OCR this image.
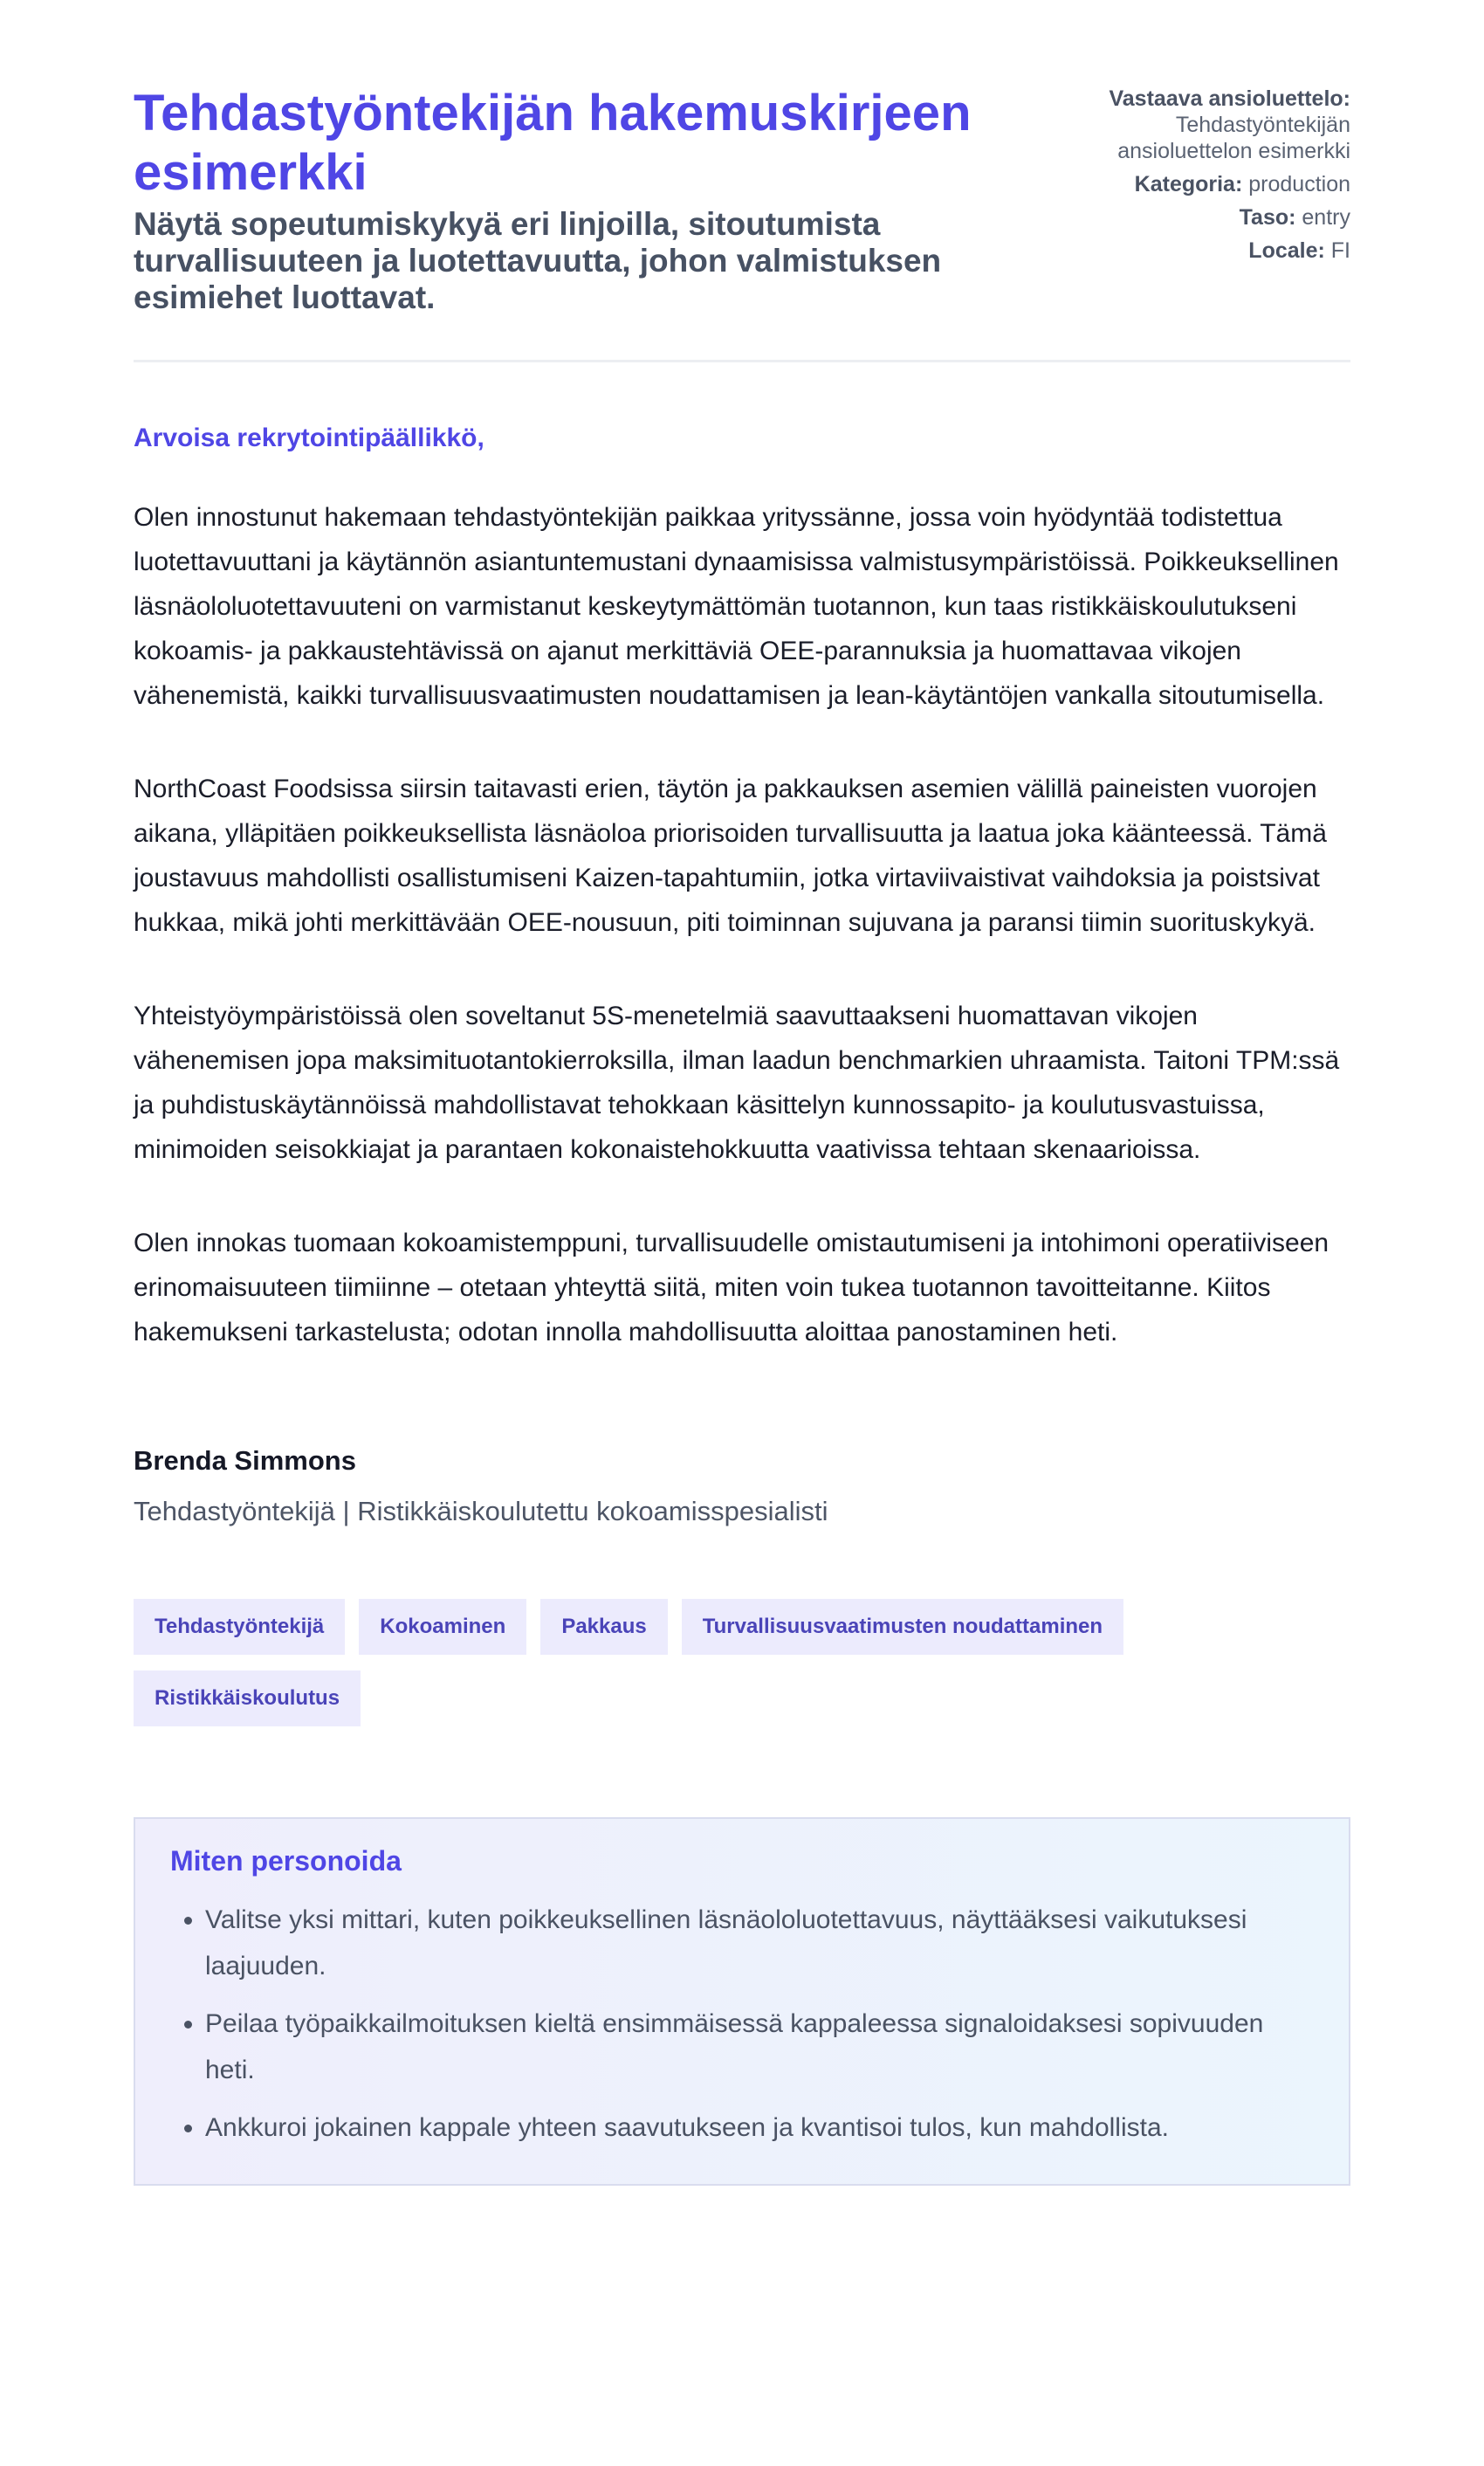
Tehdastyöntekijän hakemuskirjeen esimerkki

Näytä sopeutumiskykyä eri linjoilla, sitoutumista turvallisuuteen ja luotettavuutta, johon valmistuksen esimiehet luottavat.

Vastaava ansioluettelo:
Tehdastyöntekijän ansioluettelon esimerkki
Kategoria: production
Taso: entry
Locale: FI

Arvoisa rekrytointipäällikkö,

Olen innostunut hakemaan tehdastyöntekijän paikkaa yrityssänne, jossa voin hyödyntää todistettua luotettavuuttani ja käytännön asiantuntemustani dynaamisissa valmistusympäristöissä. Poikkeuksellinen läsnäololuotettavuuteni on varmistanut keskeytymättömän tuotannon, kun taas ristikkäiskoulutukseni kokoamis- ja pakkaustehtävissä on ajanut merkittäviä OEE-parannuksia ja huomattavaa vikojen vähenemistä, kaikki turvallisuusvaatimusten noudattamisen ja lean-käytäntöjen vankalla sitoutumisella.

NorthCoast Foodsissa siirsin taitavasti erien, täytön ja pakkauksen asemien välillä paineisten vuorojen aikana, ylläpitäen poikkeuksellista läsnäoloa priorisoiden turvallisuutta ja laatua joka käänteessä. Tämä joustavuus mahdollisti osallistumiseni Kaizen-tapahtumiin, jotka virtaviivaistivat vaihdoksia ja poistsivat hukkaa, mikä johti merkittävään OEE-nousuun, piti toiminnan sujuvana ja paransi tiimin suorituskykyä.

Yhteistyöympäristöissä olen soveltanut 5S-menetelmiä saavuttaakseni huomattavan vikojen vähenemisen jopa maksimituotantokierroksilla, ilman laadun benchmarkien uhraamista. Taitoni TPM:ssä ja puhdistuskäytännöissä mahdollistavat tehokkaan käsittelyn kunnossapito- ja koulutusvastuissa, minimoiden seisokkiajat ja parantaen kokonaistehokkuutta vaativissa tehtaan skenaarioissa.

Olen innokas tuomaan kokoamistemppuni, turvallisuudelle omistautumiseni ja intohimoni operatiiviseen erinomaisuuteen tiimiinne – otetaan yhteyttä siitä, miten voin tukea tuotannon tavoitteitanne. Kiitos hakemukseni tarkastelusta; odotan innolla mahdollisuutta aloittaa panostaminen heti.

Brenda Simmons

Tehdastyöntekijä | Ristikkäiskoulutettu kokoamisspesialisti

Tehdastyöntekijä	Kokoaminen	Pakkaus	Turvallisuusvaatimusten noudattaminen
Ristikkäiskoulutus
Miten personoida
• Valitse yksi mittari, kuten poikkeuksellinen läsnäololuotettavuus, näyttääksesi vaikutuksesi laajuuden.
• Peilaa työpaikkailmoituksen kieltä ensimmäisessä kappaleessa signaloidaksesi sopivuuden heti.
• Ankkuroi jokainen kappale yhteen saavutukseen ja kvantisoi tulos, kun mahdollista.
